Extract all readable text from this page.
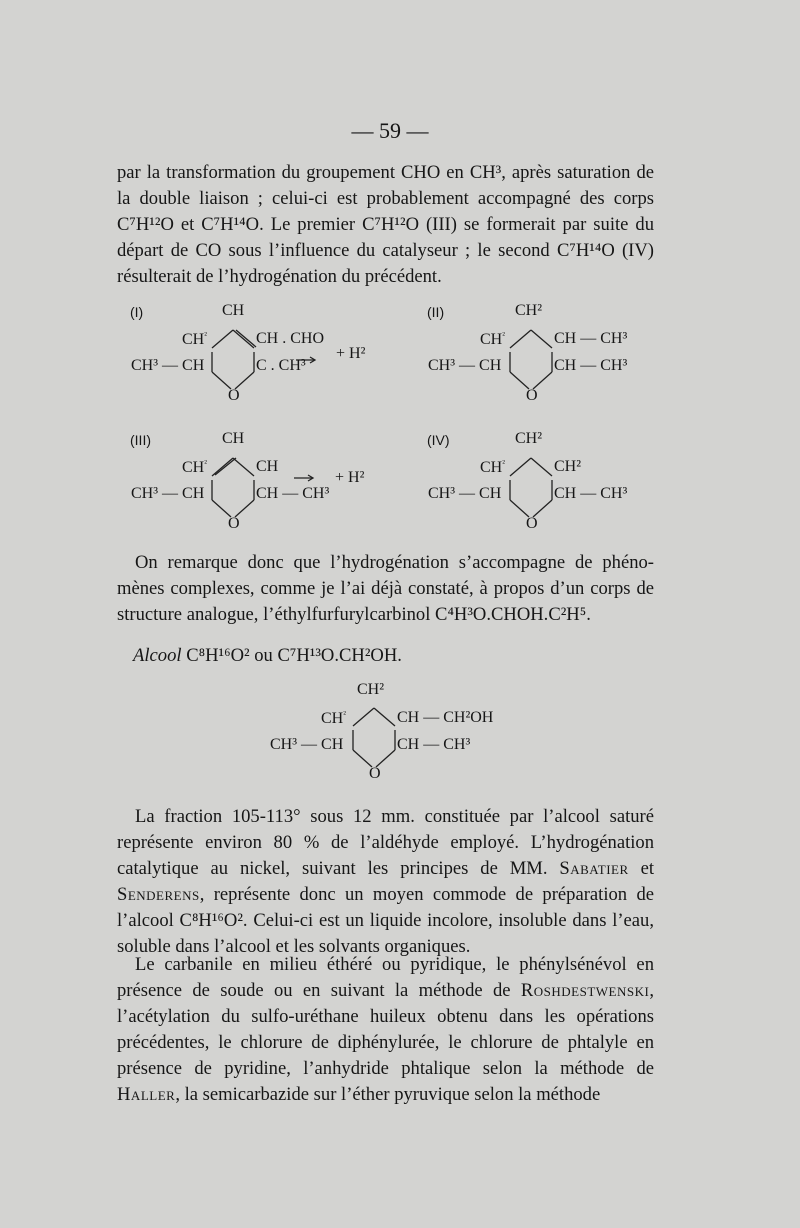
— 59 —

par la transformation du groupement CHO en CH³, après saturation de la double liaison ; celui-ci est probablement accompagné des corps C⁷H¹²O et C⁷H¹⁴O. Le premier C⁷H¹²O (III) se formerait par suite du départ de CO sous l’influence du catalyseur ; le second C⁷H¹⁴O (IV) résulterait de l’hydrogénation du précédent.

(I)	CH
$CH^{^2}$	CH . CHO
CH³ — CH	C . CH³
O
+ H²
(II)	CH²
$CH^{^2}$	CH — CH³
CH³ — CH	CH — CH³
O
(III)	CH
$CH^{^2}$	CH
CH³ — CH	CH — CH³
O
+ H²
(IV)	CH²
$CH^{^2}$	CH²
CH³ — CH	CH — CH³
O

On remarque donc que l’hydrogénation s’accompagne de phéno- mènes complexes, comme je l’ai déjà constaté, à propos d’un corps de structure analogue, l’éthylfurfurylcarbinol C⁴H³O.CHOH.C²H⁵.

Alcool C⁸H¹⁶O² ou C⁷H¹³O.CH²OH.
CH²
$CH^{^2}$	CH — CH²OH
CH³ — CH	CH — CH³
O

La fraction 105-113° sous 12 mm. constituée par l’alcool saturé représente environ 80 % de l’aldéhyde employé. L’hydrogénation catalytique au nickel, suivant les principes de MM. Sabatier et Senderens, représente donc un moyen commode de préparation de l’alcool C⁸H¹⁶O². Celui-ci est un liquide incolore, insoluble dans l’eau, soluble dans l’alcool et les solvants organiques.

Le carbanile en milieu éthéré ou pyridique, le phénylsénévol en présence de soude ou en suivant la méthode de Roshdestwenski, l’acétylation du sulfo-uréthane huileux obtenu dans les opérations précédentes, le chlorure de diphénylurée, le chlorure de phtalyle en présence de pyridine, l’anhydride phtalique selon la méthode de Haller, la semicarbazide sur l’éther pyruvique selon la méthode
